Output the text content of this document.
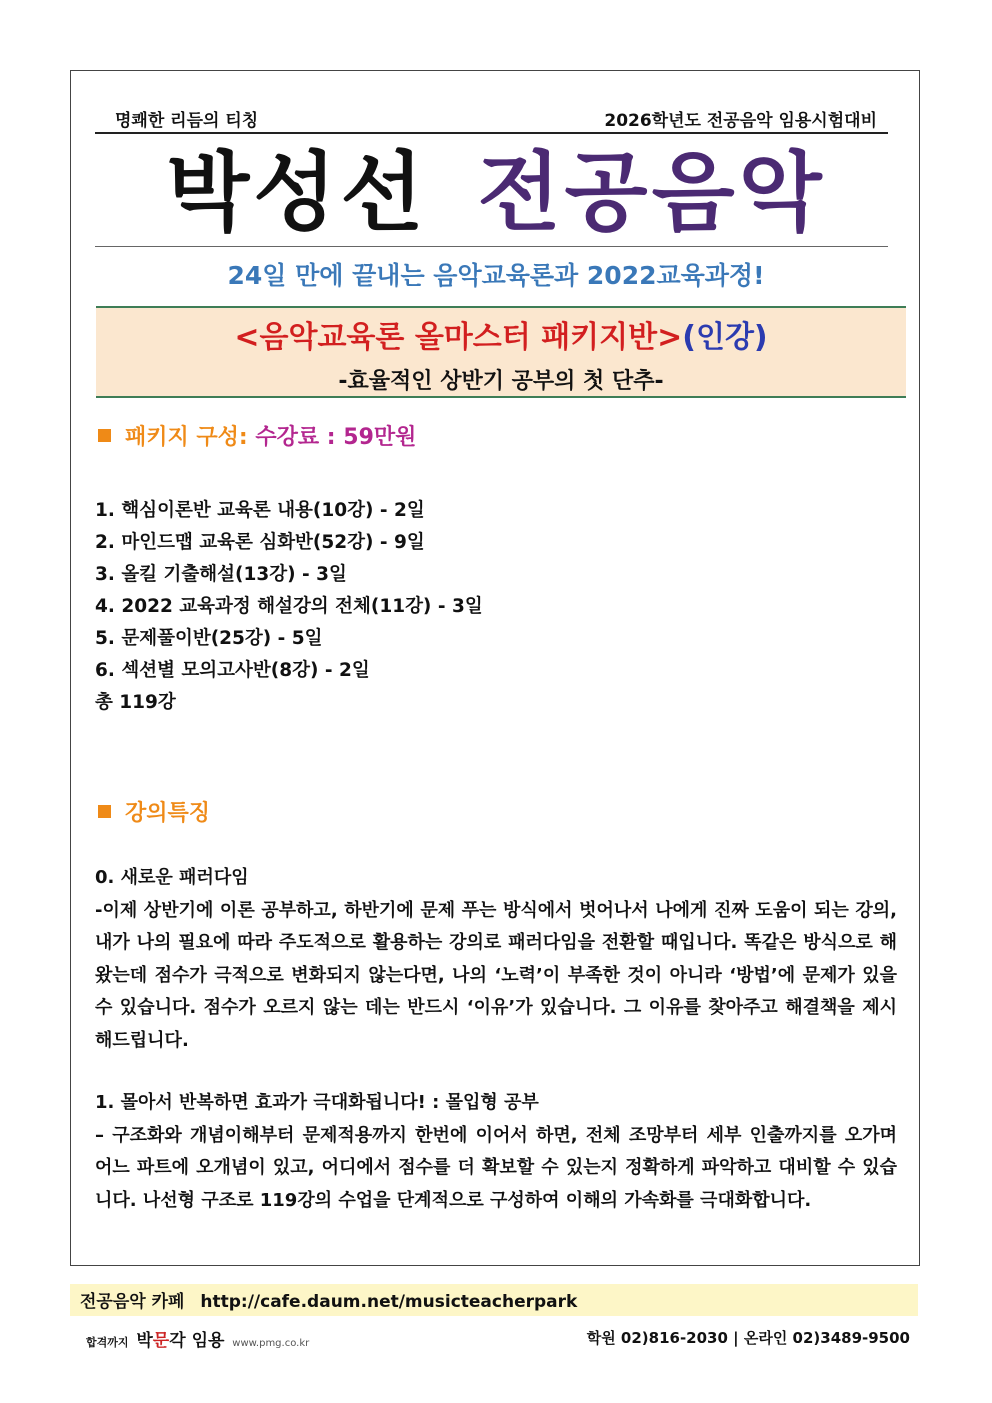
명쾌한 리듬의 티칭	2026학년도 전공음악 임용시험대비
박성선 전공음악
24일 만에 끝내는 음악교육론과 2022교육과정!
<음악교육론 올마스터 패키지반>(인강)
-효율적인 상반기 공부의 첫 단추-
패키지 구성: 수강료 : 59만원
1. 핵심이론반 교육론 내용(10강) - 2일
2. 마인드맵 교육론 심화반(52강) - 9일
3. 올킬 기출해설(13강) - 3일
4. 2022 교육과정 해설강의 전체(11강) - 3일
5. 문제풀이반(25강) - 5일
6. 섹션별 모의고사반(8강) - 2일
총 119강
강의특징
0. 새로운 패러다임
-이제 상반기에 이론 공부하고, 하반기에 문제 푸는 방식에서 벗어나서 나에게 진짜 도움이 되는 강의, 내가 나의 필요에 따라 주도적으로 활용하는 강의로 패러다임을 전환할 때입니다. 똑같은 방식으로 해왔는데 점수가 극적으로 변화되지 않는다면, 나의 ‘노력’이 부족한 것이 아니라 ‘방법’에 문제가 있을 수 있습니다. 점수가 오르지 않는 데는 반드시 ‘이유’가 있습니다. 그 이유를 찾아주고 해결책을 제시해드립니다.
1. 몰아서 반복하면 효과가 극대화됩니다! : 몰입형 공부
– 구조화와 개념이해부터 문제적용까지 한번에 이어서 하면, 전체 조망부터 세부 인출까지를 오가며 어느 파트에 오개념이 있고, 어디에서 점수를 더 확보할 수 있는지 정확하게 파악하고 대비할 수 있습니다. 나선형 구조로 119강의 수업을 단계적으로 구성하여 이해의 가속화를 극대화합니다.
전공음악 카페 http://cafe.daum.net/musicteacherpark
합격까지 박문각 임용 www.pmg.co.kr	학원 02)816-2030 | 온라인 02)3489-9500
